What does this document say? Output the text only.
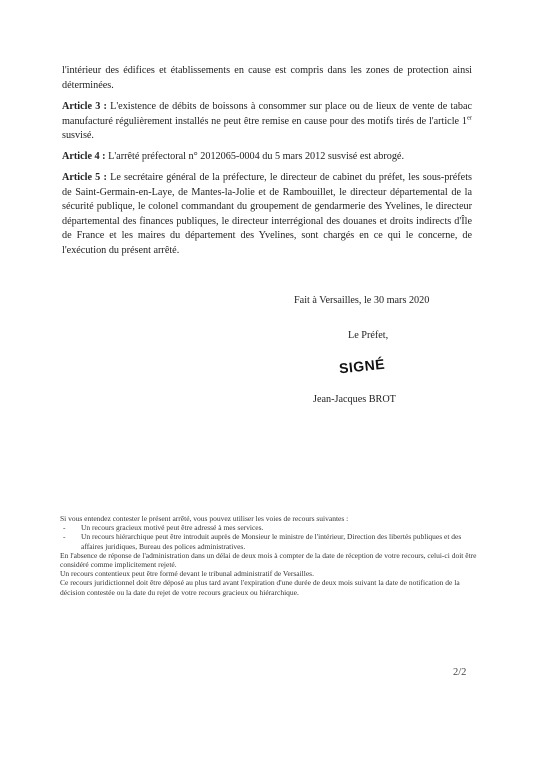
l'intérieur des édifices et établissements en cause est compris dans les zones de protection ainsi déterminées.
Article 3 : L'existence de débits de boissons à consommer sur place ou de lieux de vente de tabac manufacturé régulièrement installés ne peut être remise en cause pour des motifs tirés de l'article 1er susvisé.
Article 4 : L'arrêté préfectoral n° 2012065-0004 du 5 mars 2012 susvisé est abrogé.
Article 5 : Le secrétaire général de la préfecture, le directeur de cabinet du préfet, les sous-préfets de Saint-Germain-en-Laye, de Mantes-la-Jolie et de Rambouillet, le directeur départemental de la sécurité publique, le colonel commandant du groupement de gendarmerie des Yvelines, le directeur départemental des finances publiques, le directeur interrégional des douanes et droits indirects d'Île de France et les maires du département des Yvelines, sont chargés en ce qui le concerne, de l'exécution du présent arrêté.
Fait à Versailles, le 30 mars 2020
Le Préfet,
SIGNÉ
Jean-Jacques BROT

Si vous entendez contester le présent arrêté, vous pouvez utiliser les voies de recours suivantes :

- Un recours gracieux motivé peut être adressé à mes services.

- Un recours hiérarchique peut être introduit auprès de Monsieur le ministre de l'intérieur, Direction des libertés publiques et des affaires juridiques, Bureau des polices administratives.

En l'absence de réponse de l'administration dans un délai de deux mois à compter de la date de réception de votre recours, celui-ci doit être considéré comme implicitement rejeté.

Un recours contentieux peut être formé devant le tribunal administratif de Versailles.

Ce recours juridictionnel doit être déposé au plus tard avant l'expiration d'une durée de deux mois suivant la date de notification de la décision contestée ou la date du rejet de votre recours gracieux ou hiérarchique.

2/2
